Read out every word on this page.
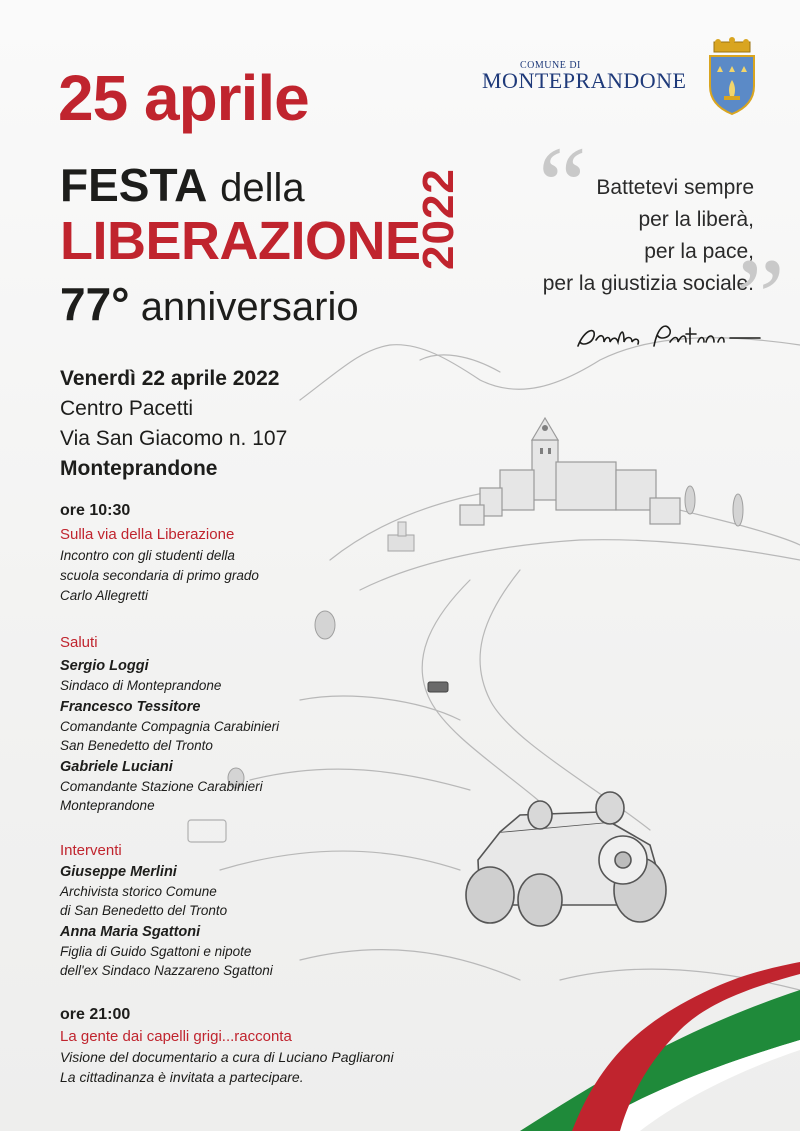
25 aprile
FESTA della
LIBERAZIONE
2022
77° anniversario
COMUNE DI
MONTEPRANDONE
“ Battetevi sempre
per la liberà,
per la pace,
per la giustizia sociale.
”
Venerdì 22 aprile 2022
Centro Pacetti
Via San Giacomo n. 107
Monteprandone
ore 10:30
Sulla via della Liberazione
Incontro con gli studenti della
scuola secondaria di primo grado
Carlo Allegretti
Saluti
Sergio Loggi
Sindaco di Monteprandone
Francesco Tessitore
Comandante Compagnia Carabinieri
San Benedetto del Tronto
Gabriele Luciani
Comandante Stazione Carabinieri
Monteprandone
Interventi
Giuseppe Merlini
Archivista storico Comune
di San Benedetto del Tronto
Anna Maria Sgattoni
Figlia di Guido Sgattoni e nipote
dell'ex Sindaco Nazzareno Sgattoni
ore 21:00
La gente dai capelli grigi...racconta
Visione del documentario a cura di Luciano Pagliaroni
La cittadinanza è invitata a partecipare.
